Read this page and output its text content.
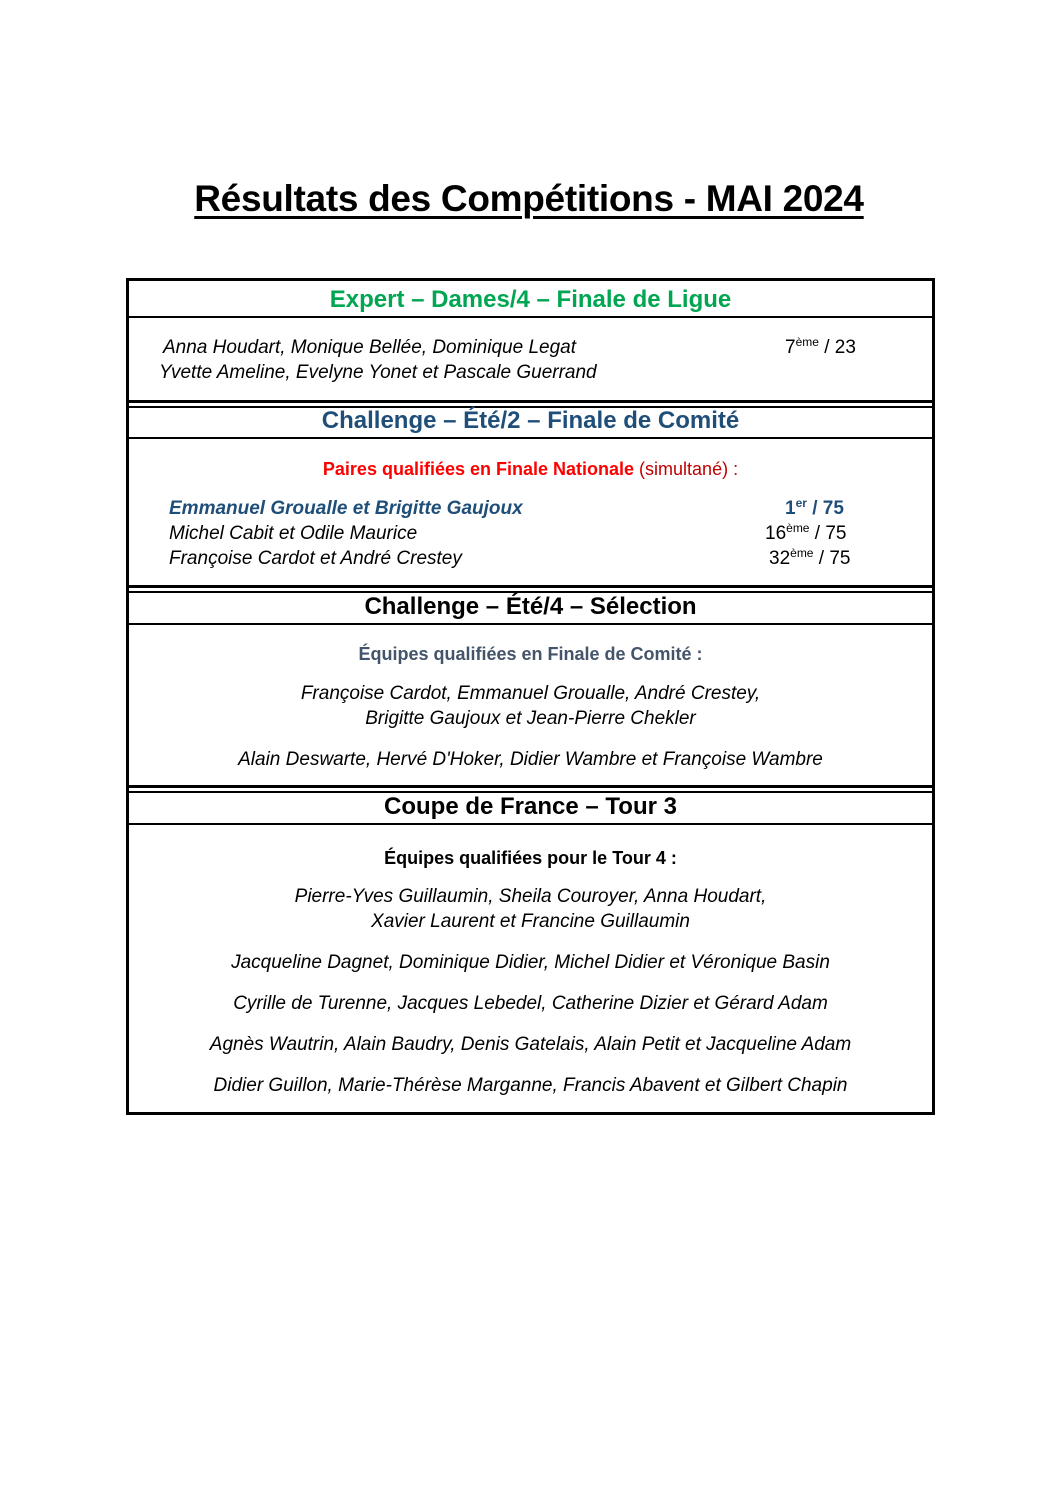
Résultats des Compétitions - MAI 2024
Expert – Dames/4 – Finale de Ligue
Anna Houdart, Monique Bellée, Dominique Legat
Yvette Ameline, Evelyne Yonet et Pascale Guerrand
7ème / 23
Challenge – Été/2 – Finale de Comité
Paires qualifiées en Finale Nationale (simultané) :
Emmanuel Groualle et Brigitte Gaujoux	1er / 75
Michel Cabit et Odile Maurice	16ème / 75
Françoise Cardot et André Crestey	32ème / 75
Challenge – Été/4 – Sélection
Équipes qualifiées en Finale de Comité :
Françoise Cardot, Emmanuel Groualle, André Crestey,
Brigitte Gaujoux et Jean-Pierre Chekler
Alain Deswarte, Hervé D'Hoker, Didier Wambre et Françoise Wambre
Coupe de France – Tour 3
Équipes qualifiées pour le Tour 4 :
Pierre-Yves Guillaumin, Sheila Couroyer, Anna Houdart,
Xavier Laurent et Francine Guillaumin
Jacqueline Dagnet, Dominique Didier, Michel Didier et Véronique Basin
Cyrille de Turenne, Jacques Lebedel, Catherine Dizier et Gérard Adam
Agnès Wautrin, Alain Baudry, Denis Gatelais, Alain Petit et Jacqueline Adam
Didier Guillon, Marie-Thérèse Marganne, Francis Abavent et Gilbert Chapin
